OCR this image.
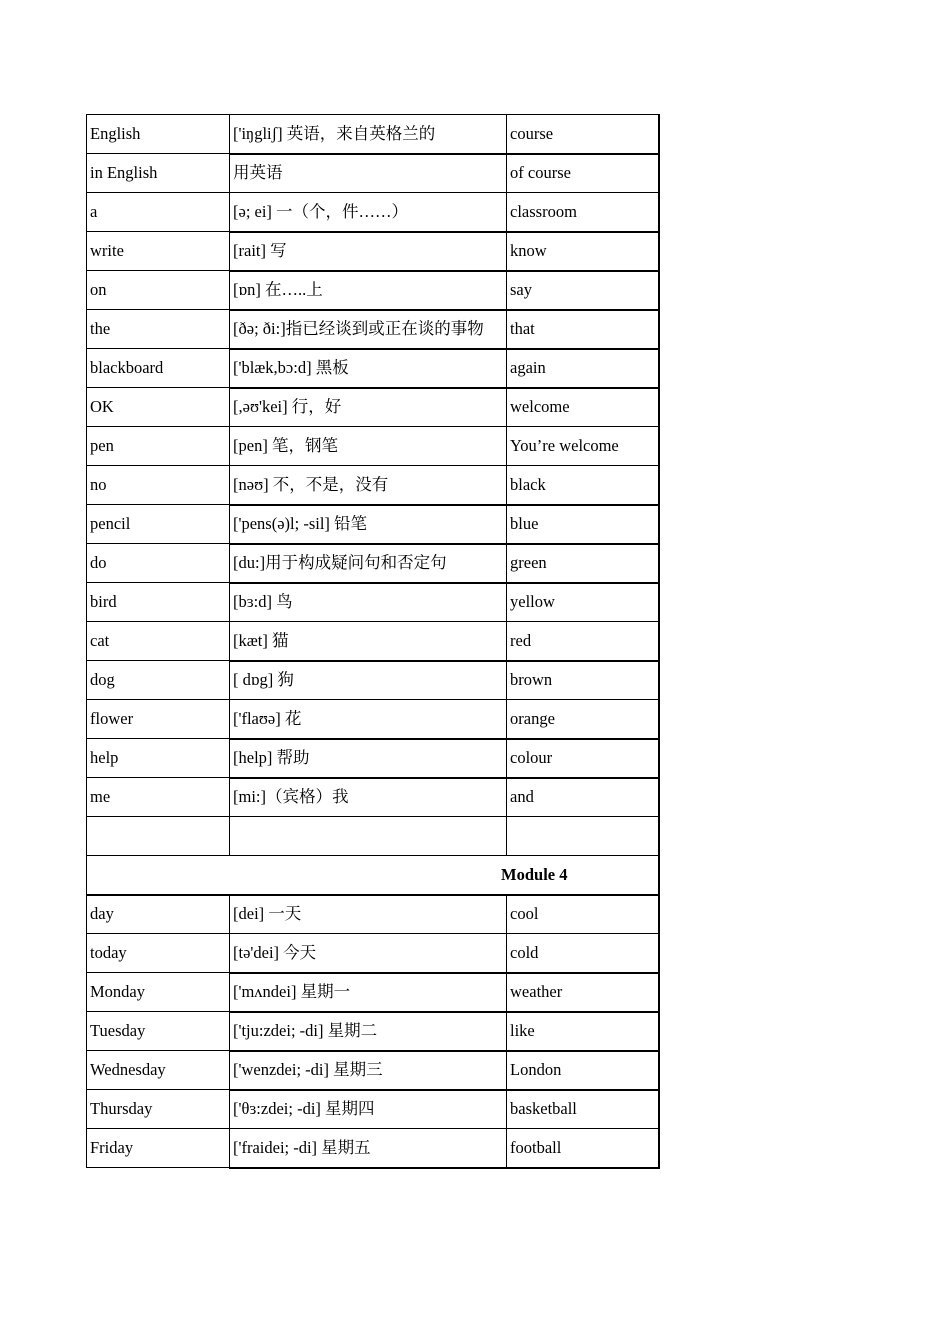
English	['iŋgliʃ] 英语，来自英格兰的	course
in English	用英语	of course
a	[ə; ei] 一（个，件……）	classroom
write	[rait] 写	know
on	[ɒn] 在…..上	say
the	[ðə; ði:]指已经谈到或正在谈的事物	that
blackboard	['blæk,bɔ:d] 黑板	again
OK	[,əʊ'kei] 行，好	welcome
pen	[pen] 笔，钢笔	You’re welcome
no	[nəʊ] 不，不是，没有	black
pencil	['pens(ə)l; -sil] 铅笔	blue
do	[du:]用于构成疑问句和否定句	green
bird	[bɜ:d] 鸟	yellow
cat	[kæt] 猫	red
dog	[ dɒg] 狗	brown
flower	['flaʊə] 花	orange
help	[help] 帮助	colour
me	[mi:]（宾格）我	and

Module 4		
day	[dei] 一天	cool
today	[tə'dei] 今天	cold
Monday	['mʌndei] 星期一	weather
Tuesday	['tju:zdei; -di] 星期二	like
Wednesday	['wenzdei; -di] 星期三	London
Thursday	['θɜ:zdei; -di] 星期四	basketball
Friday	['fraidei; -di] 星期五	football
